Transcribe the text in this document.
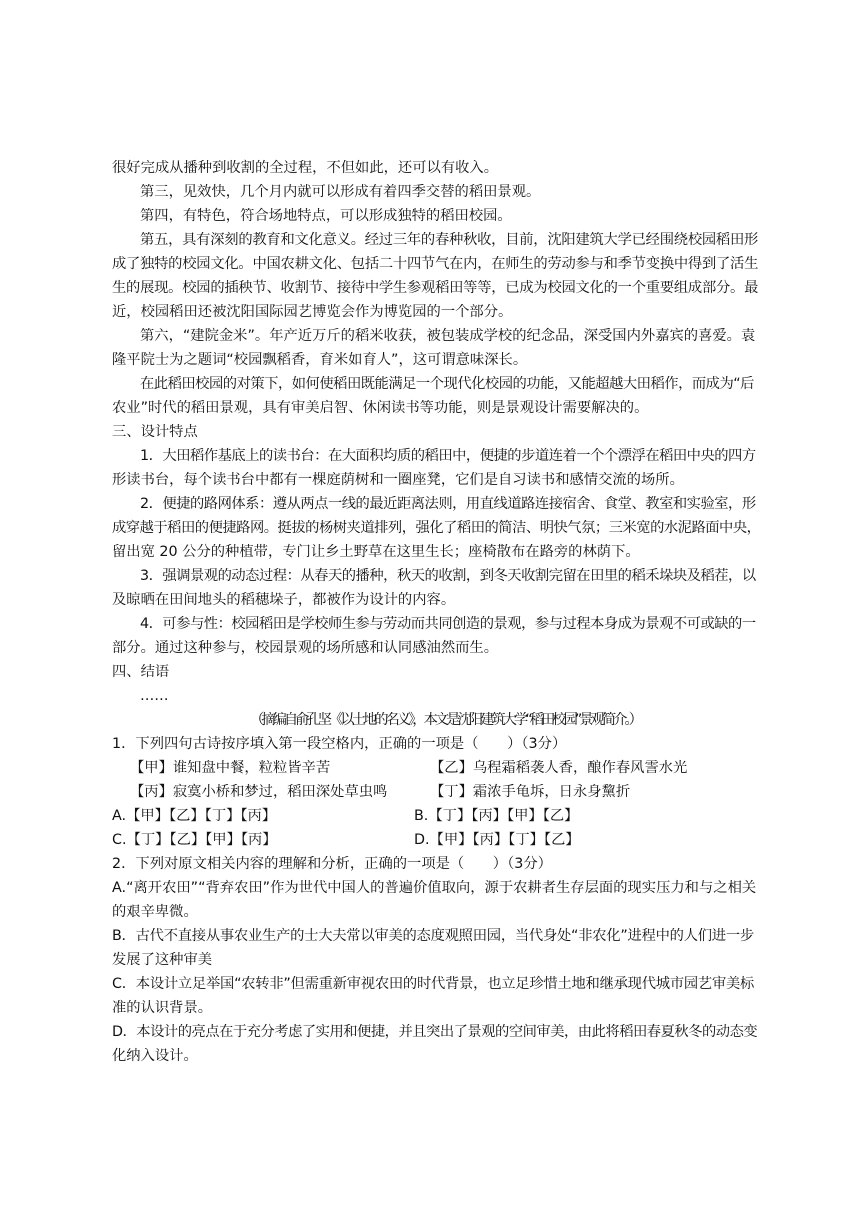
很好完成从播种到收割的全过程，不但如此，还可以有收入。
第三，见效快，几个月内就可以形成有着四季交替的稻田景观。
第四，有特色，符合场地特点，可以形成独特的稻田校园。
第五，具有深刻的教育和文化意义。经过三年的春种秋收，目前，沈阳建筑大学已经围绕校园稻田形
成了独特的校园文化。中国农耕文化、包括二十四节气在内，在师生的劳动参与和季节变换中得到了活生
生的展现。校园的插秧节、收割节、接待中学生参观稻田等等，已成为校园文化的一个重要组成部分。最
近，校园稻田还被沈阳国际园艺博览会作为博览园的一个部分。
第六，“建院金米”。年产近万斤的稻米收获，被包装成学校的纪念品，深受国内外嘉宾的喜爱。袁
隆平院士为之题词“校园飘稻香，育米如育人”，这可谓意味深长。
在此稻田校园的对策下，如何使稻田既能满足一个现代化校园的功能，又能超越大田稻作，而成为“后
农业”时代的稻田景观，具有审美启智、休闲读书等功能，则是景观设计需要解决的。
三、设计特点
1．大田稻作基底上的读书台：在大面积均质的稻田中，便捷的步道连着一个个漂浮在稻田中央的四方
形读书台，每个读书台中都有一棵庭荫树和一圈座凳，它们是自习读书和感情交流的场所。
2．便捷的路网体系：遵从两点一线的最近距离法则，用直线道路连接宿舍、食堂、教室和实验室，形
成穿越于稻田的便捷路网。挺拔的杨树夹道排列，强化了稻田的简洁、明快气氛；三米宽的水泥路面中央，
留出宽 20 公分的种植带，专门让乡土野草在这里生长；座椅散布在路旁的林荫下。
3．强调景观的动态过程：从春天的播种，秋天的收割，到冬天收割完留在田里的稻禾垛块及稻茬，以
及晾晒在田间地头的稻穗垛子，都被作为设计的内容。
4．可参与性：校园稻田是学校师生参与劳动而共同创造的景观，参与过程本身成为景观不可或缺的一
部分。通过这种参与，校园景观的场所感和认同感油然而生。
四、结语
……
（摘编自俞孔坚《以土地的名义》，本文是沈阳建筑大学“稻田校园”景观简介。）
1．下列四句古诗按序填入第一段空格内，正确的一项是（　　）（3分）
【甲】谁知盘中餐，粒粒皆辛苦	【乙】乌程霜稻袭人香，酿作春风霅水光
【丙】寂寞小桥和梦过，稻田深处草虫鸣	【丁】霜浓手龟坼，日永身黧折
A.【甲】【乙】【丁】【丙】	B.【丁】【丙】【甲】【乙】
C.【丁】【乙】【甲】【丙】	D.【甲】【丙】【丁】【乙】
2．下列对原文相关内容的理解和分析，正确的一项是（　　）（3分）
A.“离开农田”“背弃农田”作为世代中国人的普遍价值取向，源于农耕者生存层面的现实压力和与之相关
的艰辛卑微。
B．古代不直接从事农业生产的士大夫常以审美的态度观照田园，当代身处“非农化”进程中的人们进一步
发展了这种审美
C．本设计立足举国“农转非”但需重新审视农田的时代背景，也立足珍惜土地和继承现代城市园艺审美标
准的认识背景。
D．本设计的亮点在于充分考虑了实用和便捷，并且突出了景观的空间审美，由此将稻田春夏秋冬的动态变
化纳入设计。
